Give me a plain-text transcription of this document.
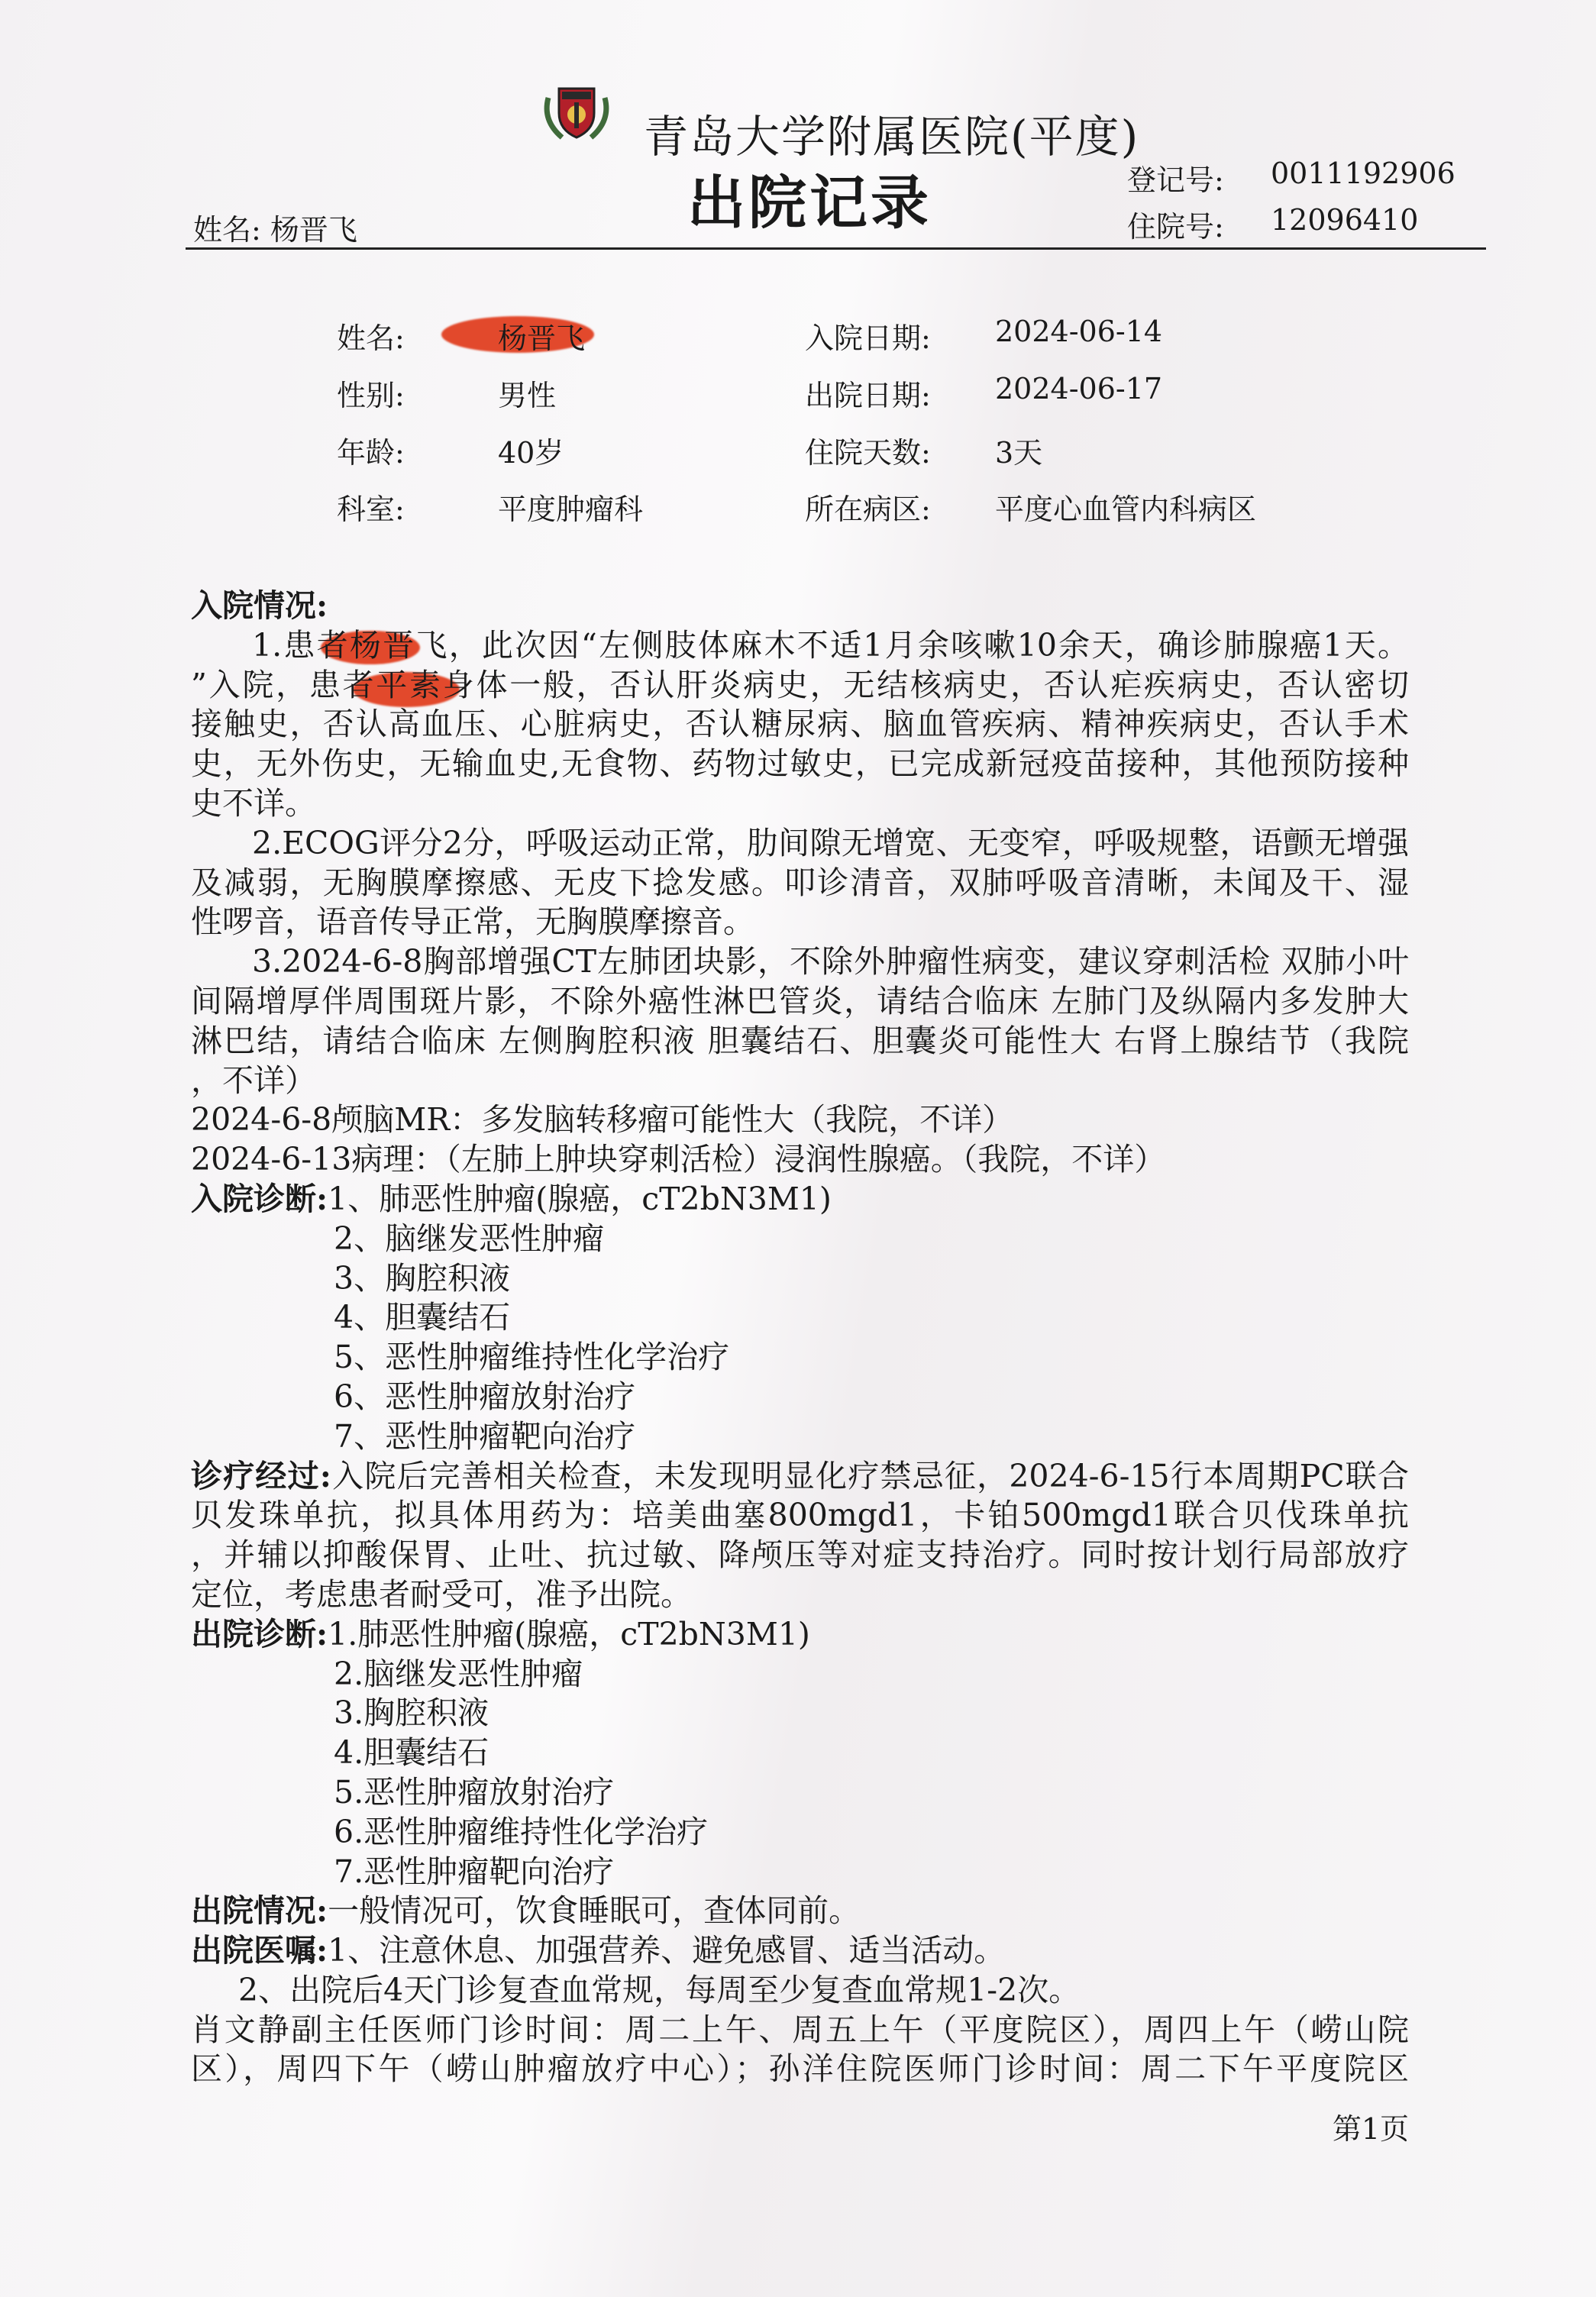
青岛大学附属医院(平度)
出院记录
姓名: 杨晋飞
登记号: 0011192906
住院号: 12096410
姓名:	杨晋飞
性别:	男性
年龄:	40岁
科室:	平度肿瘤科
入院日期: 2024-06-14
出院日期: 2024-06-17
住院天数: 3天
所在病区: 平度心血管内科病区
入院情况:
1.患者杨晋飞，此次因“左侧肢体麻木不适1月余咳嗽10余天，确诊肺腺癌1天。
”入院，患者平素身体一般，否认肝炎病史，无结核病史，否认疟疾病史，否认密切
接触史，否认高血压、心脏病史，否认糖尿病、脑血管疾病、精神疾病史，否认手术
史，无外伤史，无输血史,无食物、药物过敏史，已完成新冠疫苗接种，其他预防接种
史不详。
2.ECOG评分2分，呼吸运动正常，肋间隙无增宽、无变窄，呼吸规整，语颤无增强
及减弱，无胸膜摩擦感、无皮下捻发感。叩诊清音，双肺呼吸音清晰，未闻及干、湿
性啰音，语音传导正常，无胸膜摩擦音。
3.2024-6-8胸部增强CT左肺团块影，不除外肿瘤性病变，建议穿刺活检 双肺小叶
间隔增厚伴周围斑片影，不除外癌性淋巴管炎，请结合临床 左肺门及纵隔内多发肿大
淋巴结，请结合临床 左侧胸腔积液 胆囊结石、胆囊炎可能性大 右肾上腺结节（我院
，不详）
2024-6-8颅脑MR：多发脑转移瘤可能性大（我院，不详）
2024-6-13病理：（左肺上肿块穿刺活检）浸润性腺癌。（我院，不详）
入院诊断:1、肺恶性肿瘤(腺癌，cT2bN3M1)
2、脑继发恶性肿瘤
3、胸腔积液
4、胆囊结石
5、恶性肿瘤维持性化学治疗
6、恶性肿瘤放射治疗
7、恶性肿瘤靶向治疗
诊疗经过:入院后完善相关检查，未发现明显化疗禁忌征，2024-6-15行本周期PC联合
贝发珠单抗，拟具体用药为：培美曲塞800mgd1，卡铂500mgd1联合贝伐珠单抗
，并辅以抑酸保胃、止吐、抗过敏、降颅压等对症支持治疗。同时按计划行局部放疗
定位，考虑患者耐受可，准予出院。
出院诊断:1.肺恶性肿瘤(腺癌，cT2bN3M1)
2.脑继发恶性肿瘤
3.胸腔积液
4.胆囊结石
5.恶性肿瘤放射治疗
6.恶性肿瘤维持性化学治疗
7.恶性肿瘤靶向治疗
出院情况:一般情况可，饮食睡眠可，查体同前。
出院医嘱:1、注意休息、加强营养、避免感冒、适当活动。
2、出院后4天门诊复查血常规，每周至少复查血常规1-2次。
肖文静副主任医师门诊时间：周二上午、周五上午（平度院区），周四上午（崂山院
区），周四下午（崂山肿瘤放疗中心）；孙洋住院医师门诊时间：周二下午平度院区
第1页
